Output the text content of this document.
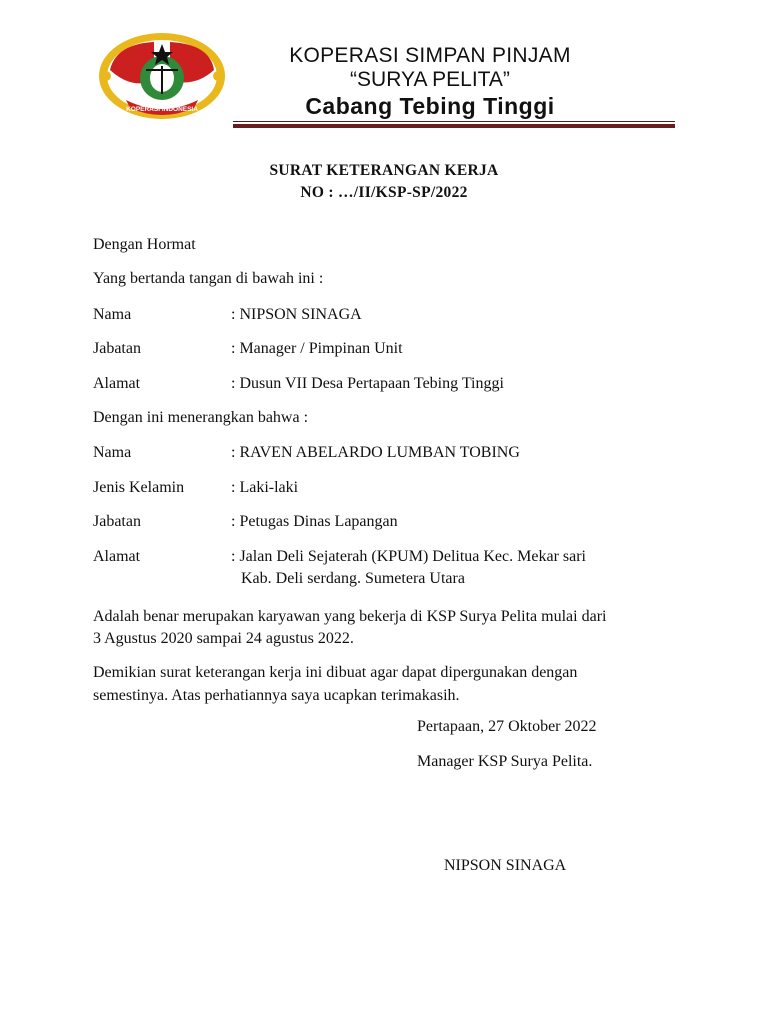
KOPERASI INDONESIA
KOPERASI SIMPAN PINJAM
“SURYA PELITA”
Cabang Tebing Tinggi
SURAT KETERANGAN KERJA
NO : …/II/KSP-SP/2022
Dengan Hormat
Yang bertanda tangan di bawah ini :
Nama	: NIPSON SINAGA
Jabatan	: Manager / Pimpinan Unit
Alamat	: Dusun VII Desa Pertapaan Tebing Tinggi
Dengan ini menerangkan bahwa :
Nama	: RAVEN ABELARDO LUMBAN TOBING
Jenis Kelamin	: Laki-laki
Jabatan	: Petugas Dinas Lapangan
Alamat	: Jalan Deli Sejaterah (KPUM) Delitua Kec. Mekar sari
Kab. Deli serdang. Sumetera Utara
Adalah benar merupakan karyawan yang bekerja di KSP Surya Pelita mulai dari
3 Agustus 2020 sampai 24 agustus 2022.
Demikian surat keterangan kerja ini dibuat agar dapat dipergunakan dengan
semestinya. Atas perhatiannya saya ucapkan terimakasih.
Pertapaan, 27 Oktober 2022
Manager KSP Surya Pelita.
NIPSON SINAGA
